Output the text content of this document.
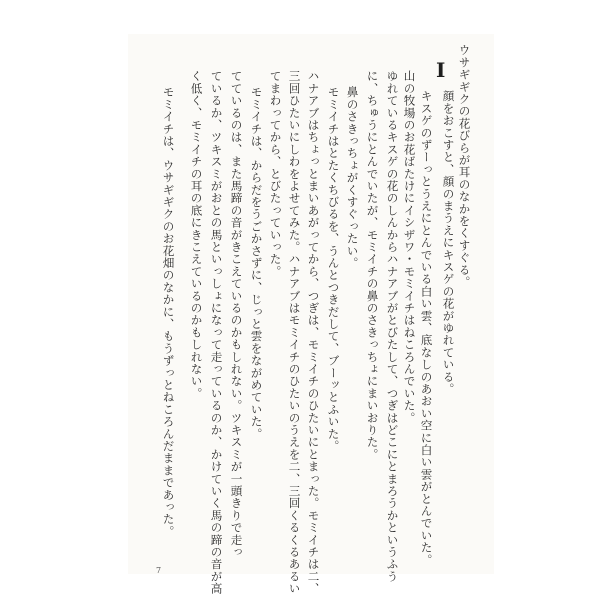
I ウサギギクの花びらが耳のなかをくすぐる。
顔をおこすと、顔のまうえにキスゲの花がゆれている。
キスゲのずーっとうえにとんでいる白い雲、底なしのあおい空に白い雲がとんでいた。
山の牧場のお花ばたけにイシザワ・モミイチはねころんでいた。
ゆれているキスゲの花のしんからハナアブがとびたして、つぎはどこにとまろうかというふう
に、ちゅうにとんでいたが、モミイチの鼻のさきっちょにまいおりた。
鼻のさきっちょがくすぐったい。
モミイチはとたくちびるを、うんとつきだして、ブーッとふいた。
ハナアブはちょっとまいあがってから、つぎは、モミイチのひたいにとまった。モミイチは二、
三回ひたいにしわをよせてみた。ハナアブはモミイチのひたいのうえを二、三回くるくるあるい
てまわってから、とびたっていった。
モミイチは、からだをうごかさずに、じっと雲をながめていた。
てているのは、また馬蹄の音がきこえているのかもしれない。ツキスミが一頭きりで走っ
ているか、ツキスミがおとの馬といっしょになって走っているのか、かけていく馬の蹄の音が高
く低く、モミイチの耳の底にきこえているのかもしれない。
モミイチは、ウサギギクのお花畑のなかに、もうずっとねころんだままであった。
7
